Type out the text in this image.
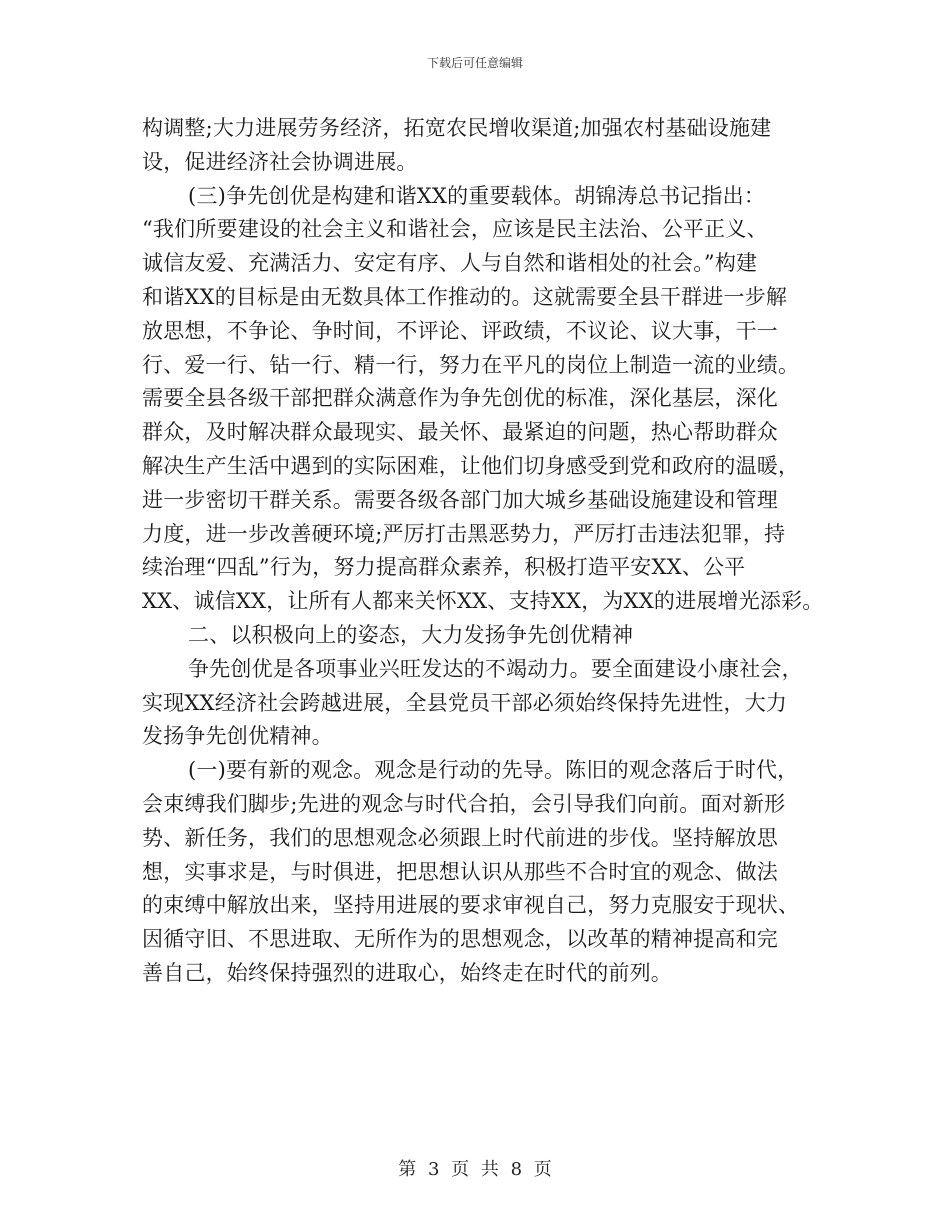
下载后可任意编辑
构调整;大力进展劳务经济，拓宽农民增收渠道;加强农村基础设施建
设，促进经济社会协调进展。
(三)争先创优是构建和谐XX的重要载体。胡锦涛总书记指出：
“我们所要建设的社会主义和谐社会，应该是民主法治、公平正义、
诚信友爱、充满活力、安定有序、人与自然和谐相处的社会。”构建
和谐XX的目标是由无数具体工作推动的。这就需要全县干群进一步解
放思想，不争论、争时间，不评论、评政绩，不议论、议大事，干一
行、爱一行、钻一行、精一行，努力在平凡的岗位上制造一流的业绩。
需要全县各级干部把群众满意作为争先创优的标准，深化基层，深化
群众，及时解决群众最现实、最关怀、最紧迫的问题，热心帮助群众
解决生产生活中遇到的实际困难，让他们切身感受到党和政府的温暖，
进一步密切干群关系。需要各级各部门加大城乡基础设施建设和管理
力度，进一步改善硬环境;严厉打击黑恶势力，严厉打击违法犯罪，持
续治理“四乱”行为，努力提高群众素养，积极打造平安XX、公平
XX、诚信XX，让所有人都来关怀XX、支持XX，为XX的进展增光添彩。
二、以积极向上的姿态，大力发扬争先创优精神
争先创优是各项事业兴旺发达的不竭动力。要全面建设小康社会，
实现XX经济社会跨越进展，全县党员干部必须始终保持先进性，大力
发扬争先创优精神。
(一)要有新的观念。观念是行动的先导。陈旧的观念落后于时代，
会束缚我们脚步;先进的观念与时代合拍，会引导我们向前。面对新形
势、新任务，我们的思想观念必须跟上时代前进的步伐。坚持解放思
想，实事求是，与时俱进，把思想认识从那些不合时宜的观念、做法
的束缚中解放出来，坚持用进展的要求审视自己，努力克服安于现状、
因循守旧、不思进取、无所作为的思想观念，以改革的精神提高和完
善自己，始终保持强烈的进取心，始终走在时代的前列。
第 3 页 共 8 页
